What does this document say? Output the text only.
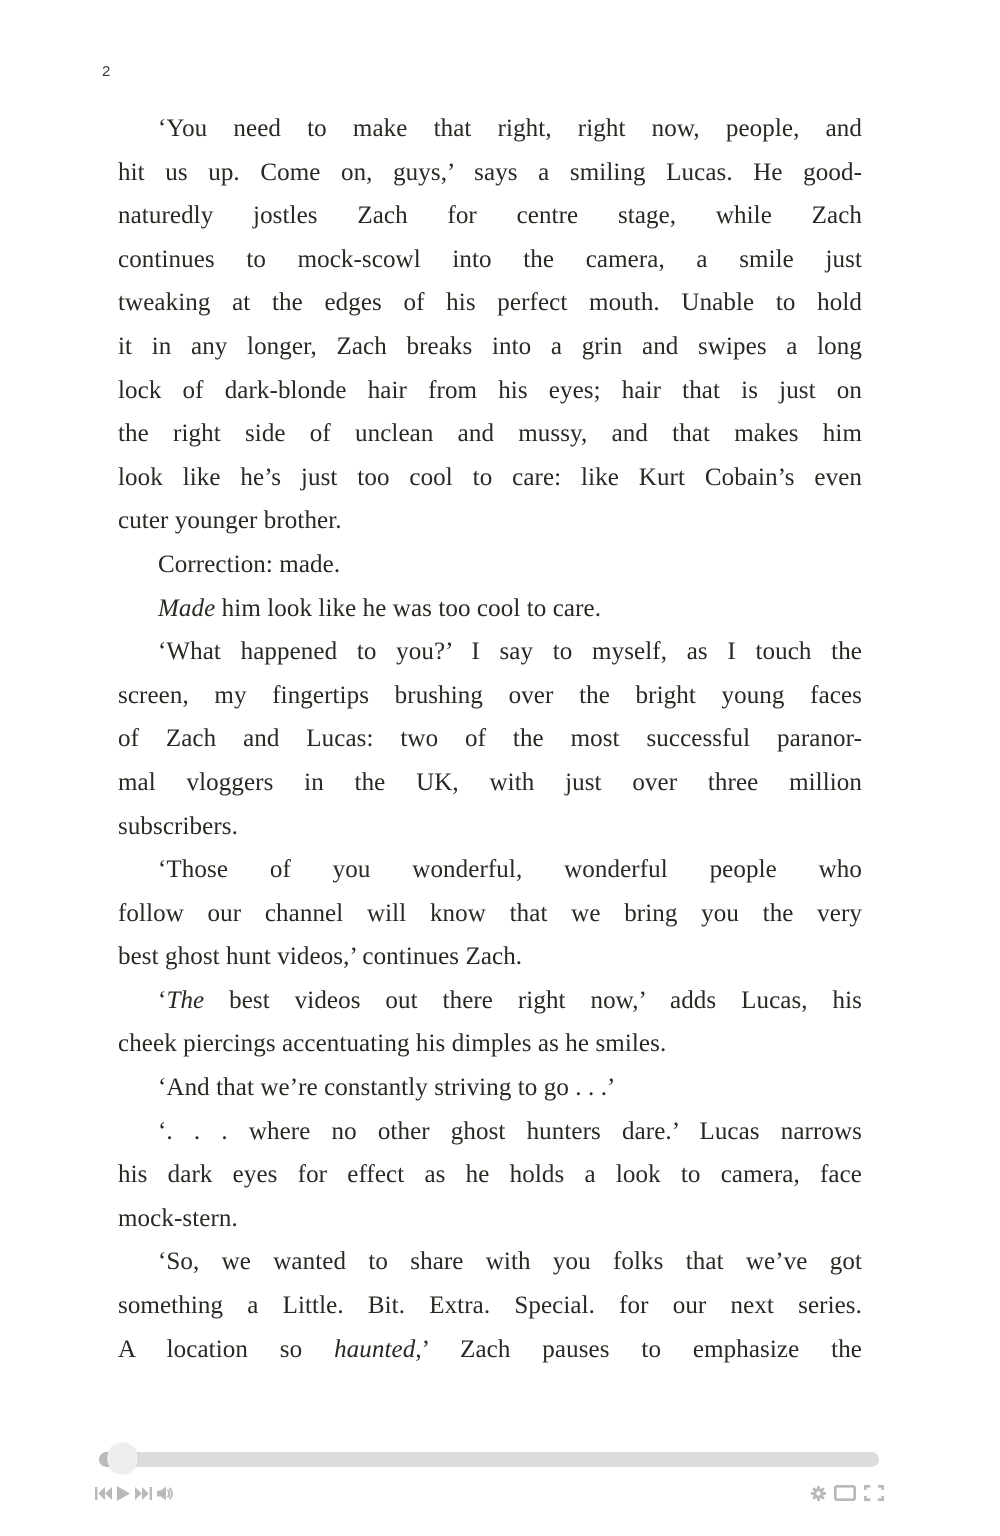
2
‘You need to make that right, right now, people, and
hit us up. Come on, guys,’ says a smiling Lucas. He good-
naturedly jostles Zach for centre stage, while Zach
continues to mock-scowl into the camera, a smile just
tweaking at the edges of his perfect mouth. Unable to hold
it in any longer, Zach breaks into a grin and swipes a long
lock of dark-blonde hair from his eyes; hair that is just on
the right side of unclean and mussy, and that makes him
look like he’s just too cool to care: like Kurt Cobain’s even
cuter younger brother.
Correction: made.
Made him look like he was too cool to care.
‘What happened to you?’ I say to myself, as I touch the
screen, my fingertips brushing over the bright young faces
of Zach and Lucas: two of the most successful paranor-
mal vloggers in the UK, with just over three million
subscribers.
‘Those of you wonderful, wonderful people who
follow our channel will know that we bring you the very
best ghost hunt videos,’ continues Zach.
‘The best videos out there right now,’ adds Lucas, his
cheek piercings accentuating his dimples as he smiles.
‘And that we’re constantly striving to go . . .’
‘. . . where no other ghost hunters dare.’ Lucas narrows
his dark eyes for effect as he holds a look to camera, face
mock-stern.
‘So, we wanted to share with you folks that we’ve got
something a Little. Bit. Extra. Special. for our next series.
A location so haunted,’ Zach pauses to emphasize the
